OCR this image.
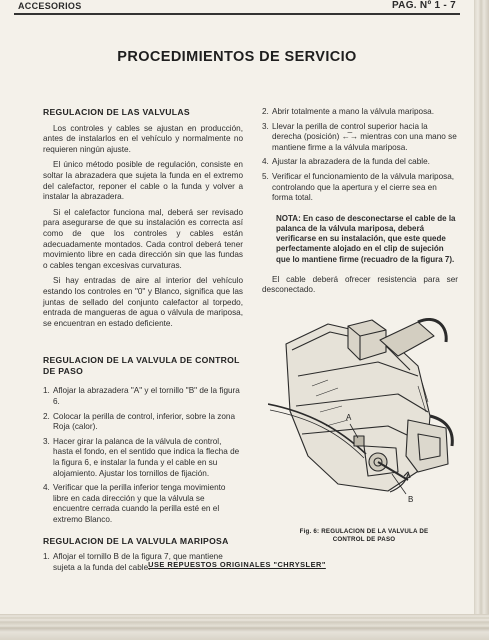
ACCESORIOS	PAG. Nº 1 - 7
PROCEDIMIENTOS DE SERVICIO
REGULACION DE LAS VALVULAS

Los controles y cables se ajustan en producción, antes de instalarlos en el vehículo y normalmente no requieren ningún ajuste.

El único método posible de regulación, consiste en soltar la abrazadera que sujeta la funda en el extremo del calefactor, reponer el cable o la funda y volver a instalar la abrazadera.

Si el calefactor funciona mal, deberá ser revisado para asegurarse de que su instalación es correcta así como de que los controles y cables están adecuadamente montados. Cada control deberá tener movimiento libre en cada dirección sin que las fundas o cables tengan excesivas curvaturas.

Si hay entradas de aire al interior del vehículo estando los controles en "0" y Blanco, significa que las juntas de sellado del conjunto calefactor al torpedo, entrada de mangueras de agua o válvula de mariposa, se encuentran en estado deficiente.

REGULACION DE LA VALVULA DE CONTROL DE PASO
1. Aflojar la abrazadera "A" y el tornillo "B" de la figura 6.
2. Colocar la perilla de control, inferior, sobre la zona Roja (calor).
3. Hacer girar la palanca de la válvula de control, hasta el fondo, en el sentido que indica la flecha de la figura 6, e instalar la funda y el cable en su alojamiento. Ajustar los tornillos de fijación.
4. Verificar que la perilla inferior tenga movimiento libre en cada dirección y que la válvula se encuentre cerrada cuando la perilla esté en el extremo Blanco.
REGULACION DE LA VALVULA MARIPOSA
1. Aflojar el tornillo B de la figura 7, que mantiene sujeta a la funda del cable.
2. Abrir totalmente a mano la válvula mariposa.
3. Llevar la perilla de control superior hacia la derecha (posición) ←̅→ mientras con una mano se mantiene firme a la válvula mariposa.
4. Ajustar la abrazadera de la funda del cable.
5. Verificar el funcionamiento de la válvula mariposa, controlando que la apertura y el cierre sea en forma total.
NOTA: En caso de desconectarse el cable de la palanca de la válvula mariposa, deberá verificarse en su instalación, que este quede perfectamente alojado en el clip de sujeción que lo mantiene firme (recuadro de la figura 7).

El cable deberá ofrecer resistencia para ser desconectado.

A
B
Fig. 6: REGULACION DE LA VALVULA DE
CONTROL DE PASO
USE REPUESTOS ORIGINALES "CHRYSLER"
